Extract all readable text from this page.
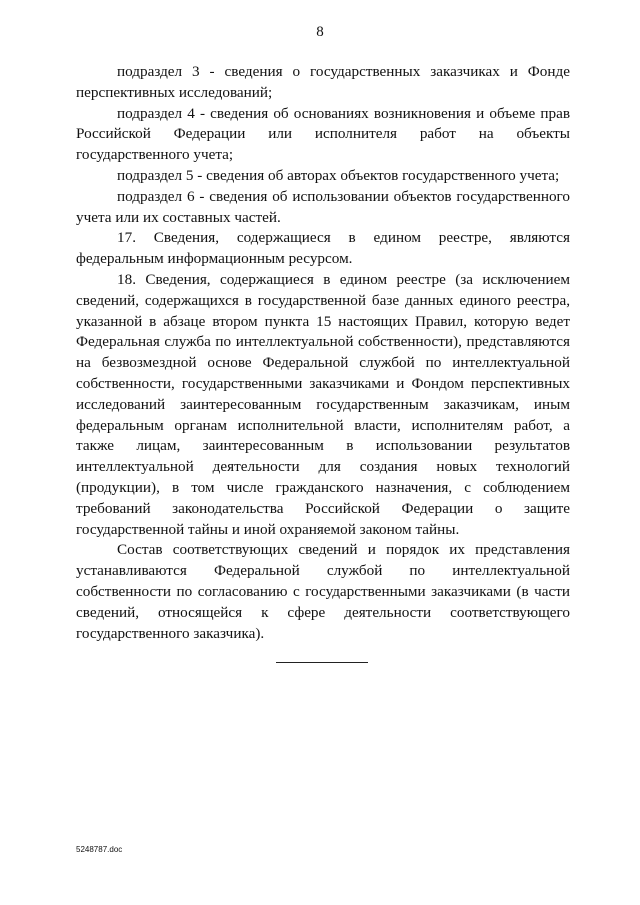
8

подраздел 3 - сведения о государственных заказчиках и Фонде перспективных исследований;

подраздел 4 - сведения об основаниях возникновения и объеме прав Российской Федерации или исполнителя работ на объекты государственного учета;

подраздел 5 - сведения об авторах объектов государственного учета;

подраздел 6 - сведения об использовании объектов государственного учета или их составных частей.

17. Сведения, содержащиеся в едином реестре, являются федеральным информационным ресурсом.

18. Сведения, содержащиеся в едином реестре (за исключением сведений, содержащихся в государственной базе данных единого реестра, указанной в абзаце втором пункта 15 настоящих Правил, которую ведет Федеральная служба по интеллектуальной собственности), представляются на безвозмездной основе Федеральной службой по интеллектуальной собственности, государственными заказчиками и Фондом перспективных исследований заинтересованным государственным заказчикам, иным федеральным органам исполнительной власти, исполнителям работ, а также лицам, заинтересованным в использовании результатов интеллектуальной деятельности для создания новых технологий (продукции), в том числе гражданского назначения, с соблюдением требований законодательства Российской Федерации о защите государственной тайны и иной охраняемой законом тайны.

Состав соответствующих сведений и порядок их представления устанавливаются Федеральной службой по интеллектуальной собственности по согласованию с государственными заказчиками (в части сведений, относящейся к сфере деятельности соответствующего государственного заказчика).

5248787.doc
